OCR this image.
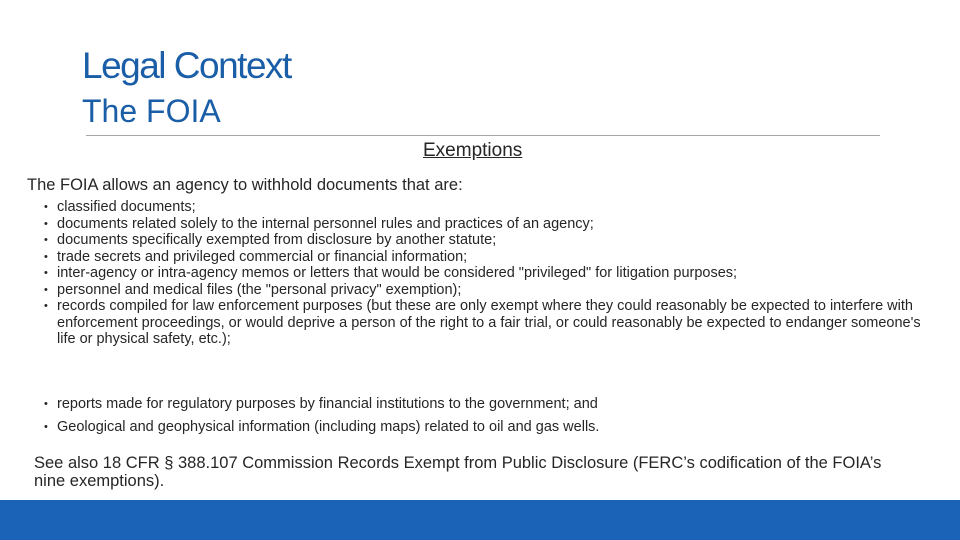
Legal Context
The FOIA
Exemptions
The FOIA allows an agency to withhold documents that are:
• classified documents;
• documents related solely to the internal personnel rules and practices of an agency;
• documents specifically exempted from disclosure by another statute;
• trade secrets and privileged commercial or financial information;
• inter-agency or intra-agency memos or letters that would be considered "privileged" for litigation purposes;
• personnel and medical files (the "personal privacy" exemption);
• records compiled for law enforcement purposes (but these are only exempt where they could reasonably be expected to interfere with enforcement proceedings, or would deprive a person of the right to a fair trial, or could reasonably be expected to endanger someone's life or physical safety, etc.);
• reports made for regulatory purposes by financial institutions to the government; and
• Geological and geophysical information (including maps) related to oil and gas wells.
See also 18 CFR § 388.107 Commission Records Exempt from Public Disclosure (FERC’s codification of the FOIA’s nine exemptions).
